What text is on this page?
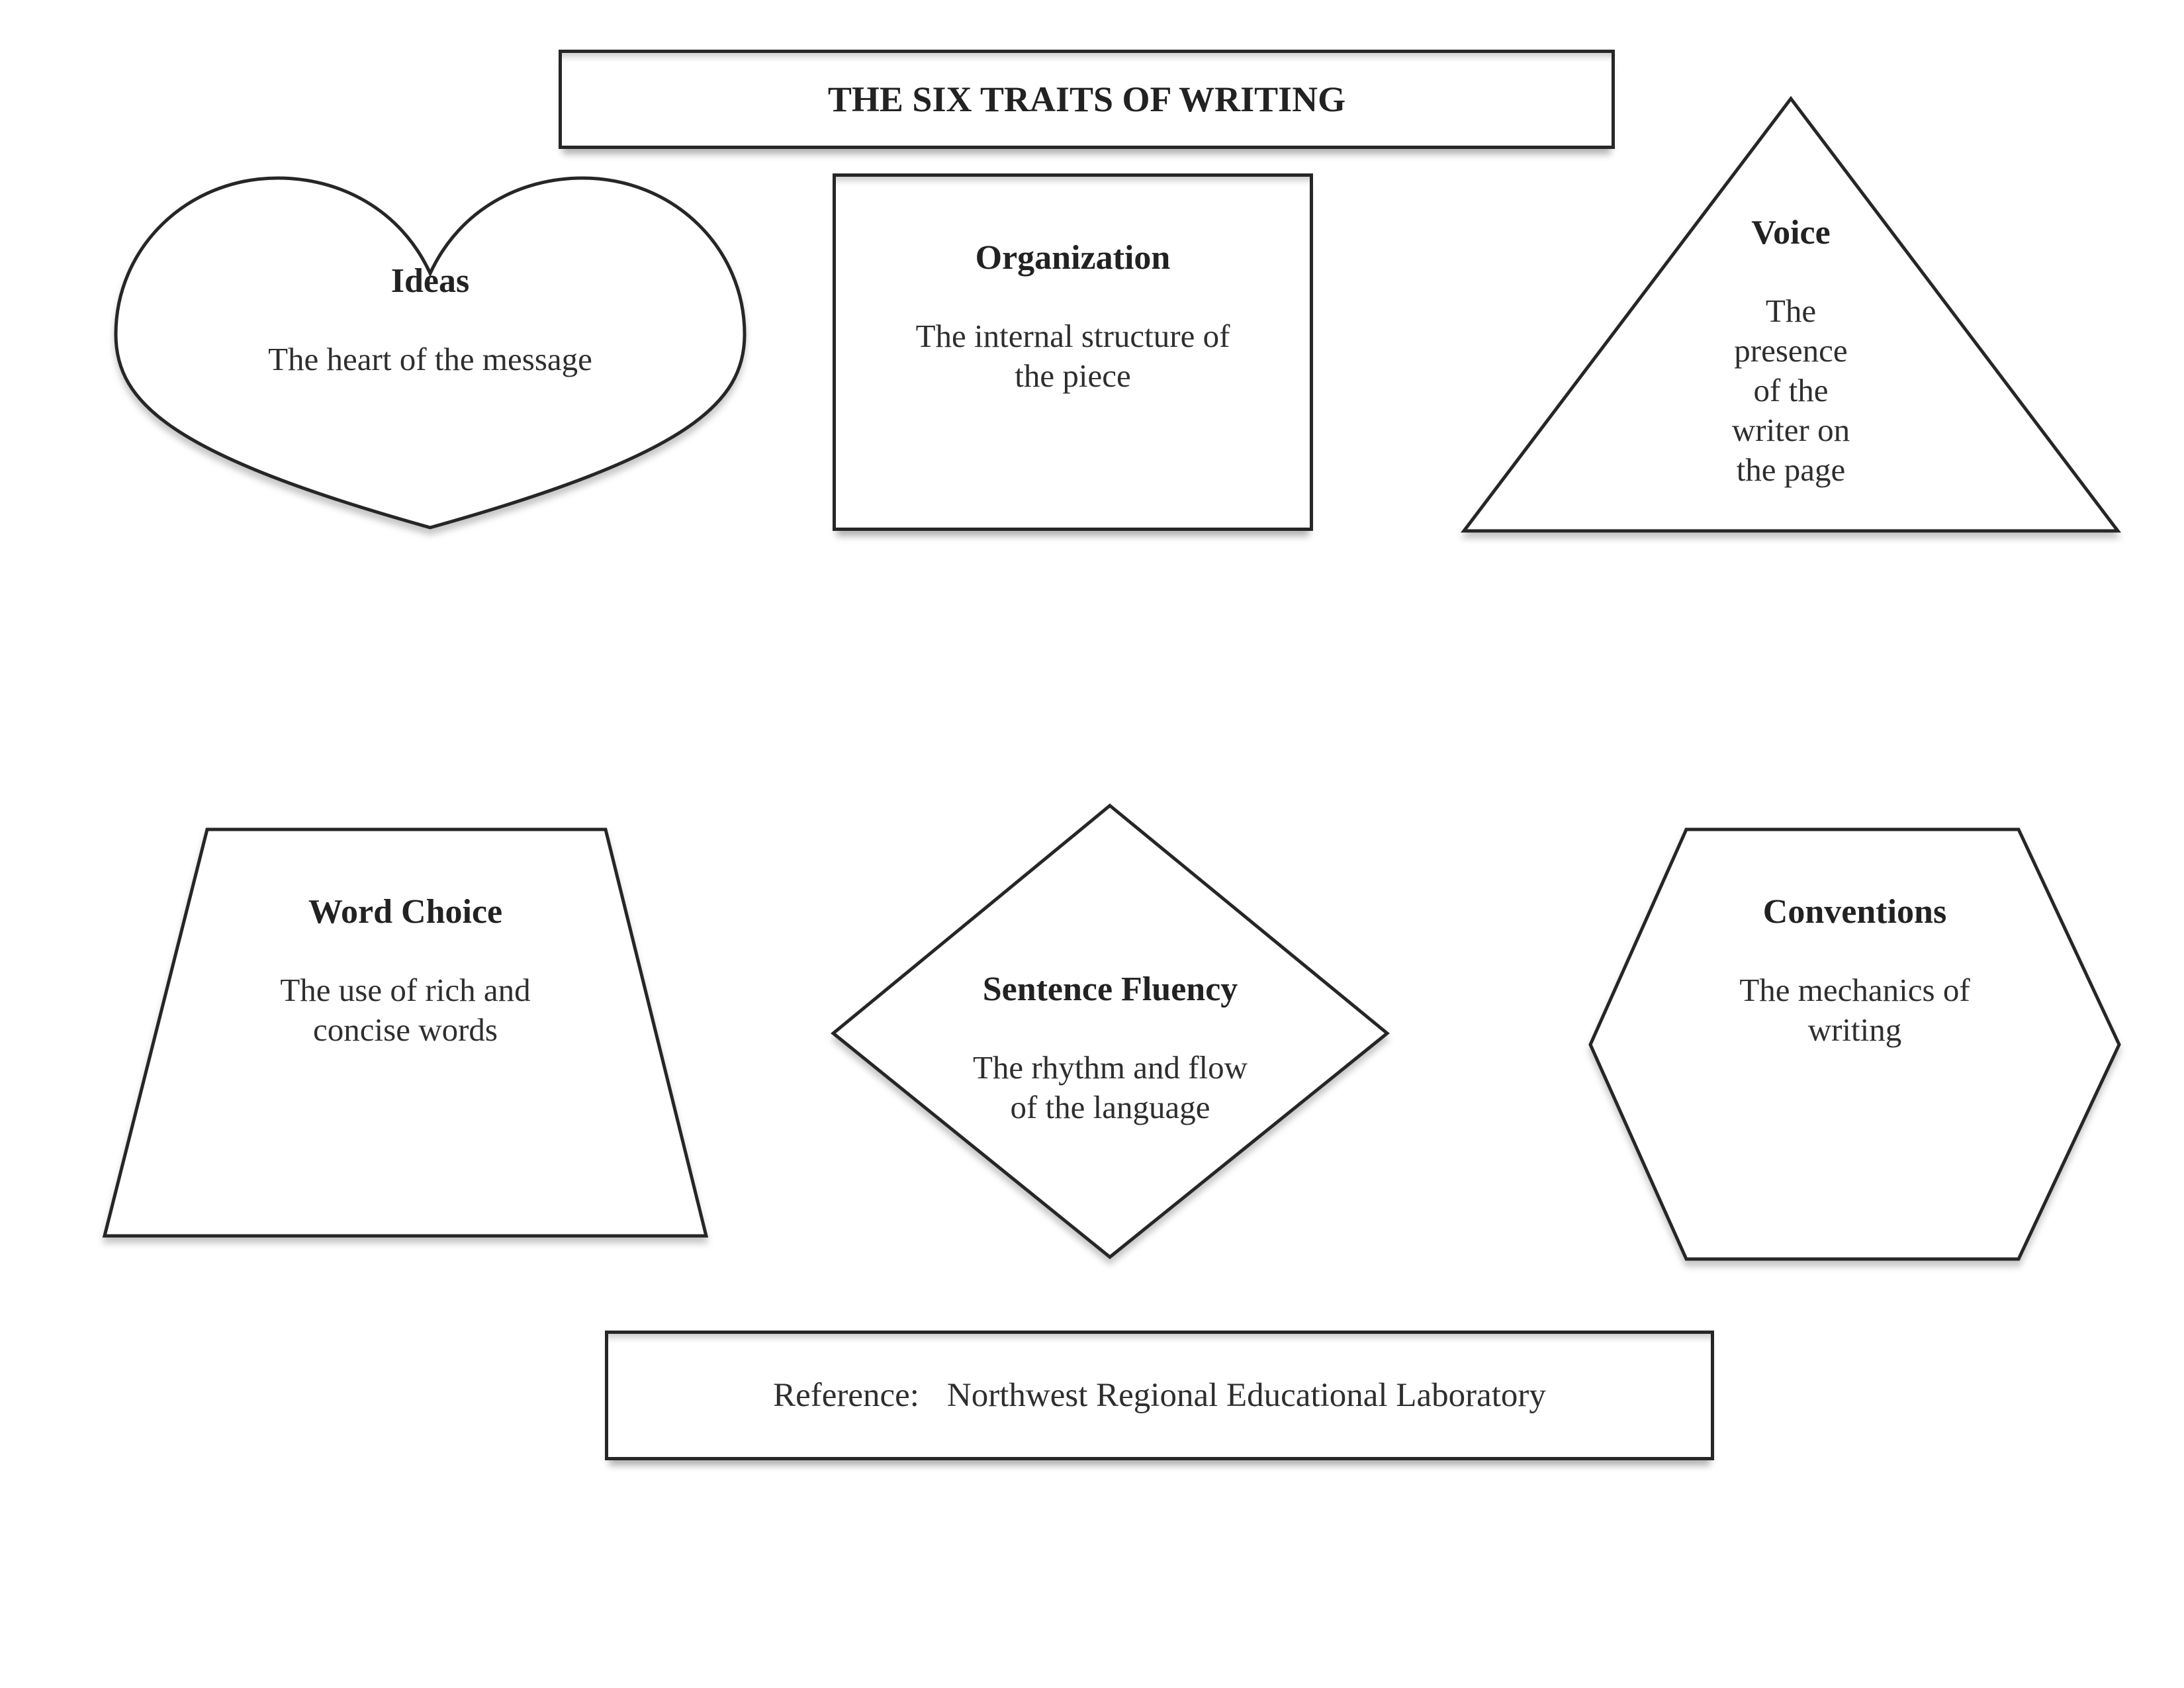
THE SIX TRAITS OF WRITING
Ideas
The heart of the message
Organization
The internal structure of
the piece
Voice
The
presence
of the
writer on
the page
Word Choice
The use of rich and
concise words
Sentence Fluency
The rhythm and flow
of the language
Conventions
The mechanics of
writing
Reference: Northwest Regional Educational Laboratory
